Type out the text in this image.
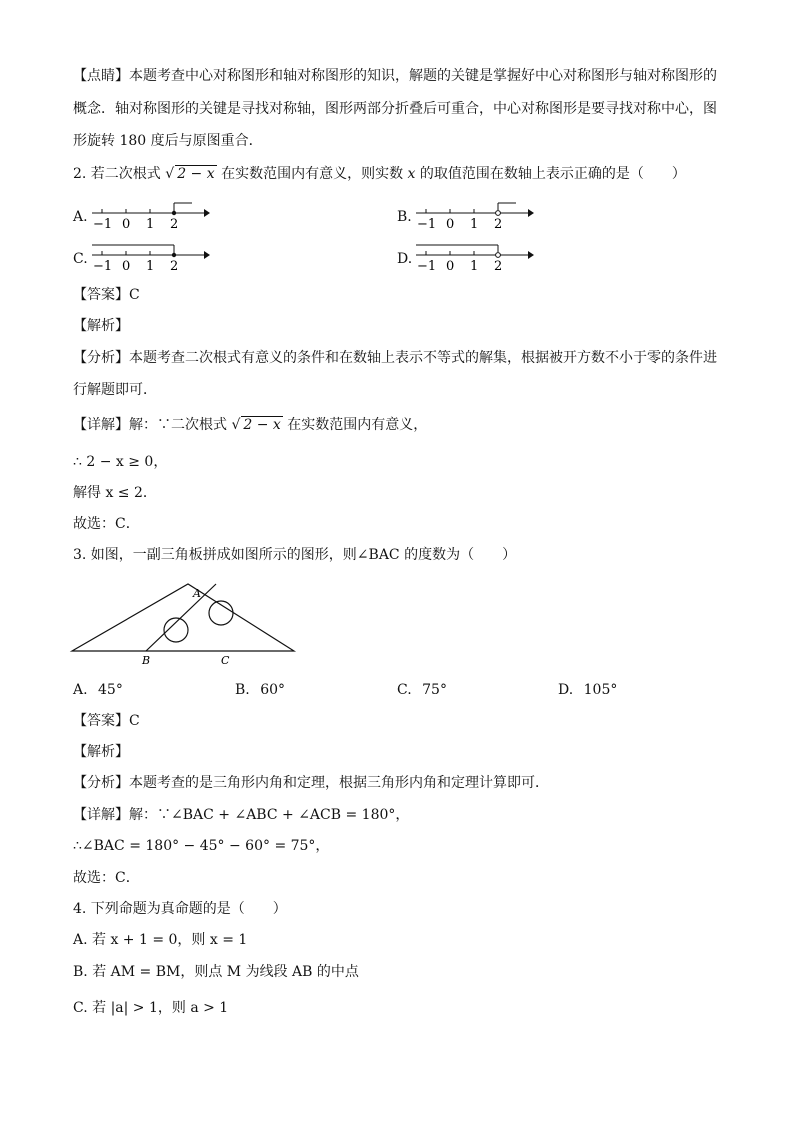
【点睛】本题考查中心对称图形和轴对称图形的知识，解题的关键是掌握好中心对称图形与轴对称图形的
概念．轴对称图形的关键是寻找对称轴，图形两部分折叠后可重合，中心对称图形是要寻找对称中心，图
形旋转 180 度后与原图重合．
2. 若二次根式 √ 2 − x 在实数范围内有意义，则实数 x 的取值范围在数轴上表示正确的是（　　）
A. −1 0 1 2	B. −1 0 1 2
C. −1 0 1 2	D. −1 0 1 2
【答案】C
【解析】
【分析】本题考查二次根式有意义的条件和在数轴上表示不等式的解集，根据被开方数不小于零的条件进
行解题即可．
【详解】解：∵二次根式 √ 2 − x 在实数范围内有意义，
∴ 2 − x ≥ 0，
解得 x ≤ 2．
故选：C．
3. 如图，一副三角板拼成如图所示的图形，则∠BAC 的度数为（　　）
A
B	C
A. 45°	B. 60°	C. 75°	D. 105°
【答案】C
【解析】
【分析】本题考查的是三角形内角和定理，根据三角形内角和定理计算即可．
【详解】解：∵∠BAC + ∠ABC + ∠ACB = 180°，
∴∠BAC = 180° − 45° − 60° = 75°，
故选：C．
4. 下列命题为真命题的是（　　）
A. 若 x + 1 = 0，则 x = 1
B. 若 AM = BM，则点 M 为线段 AB 的中点
C. 若 |a| > 1，则 a > 1
